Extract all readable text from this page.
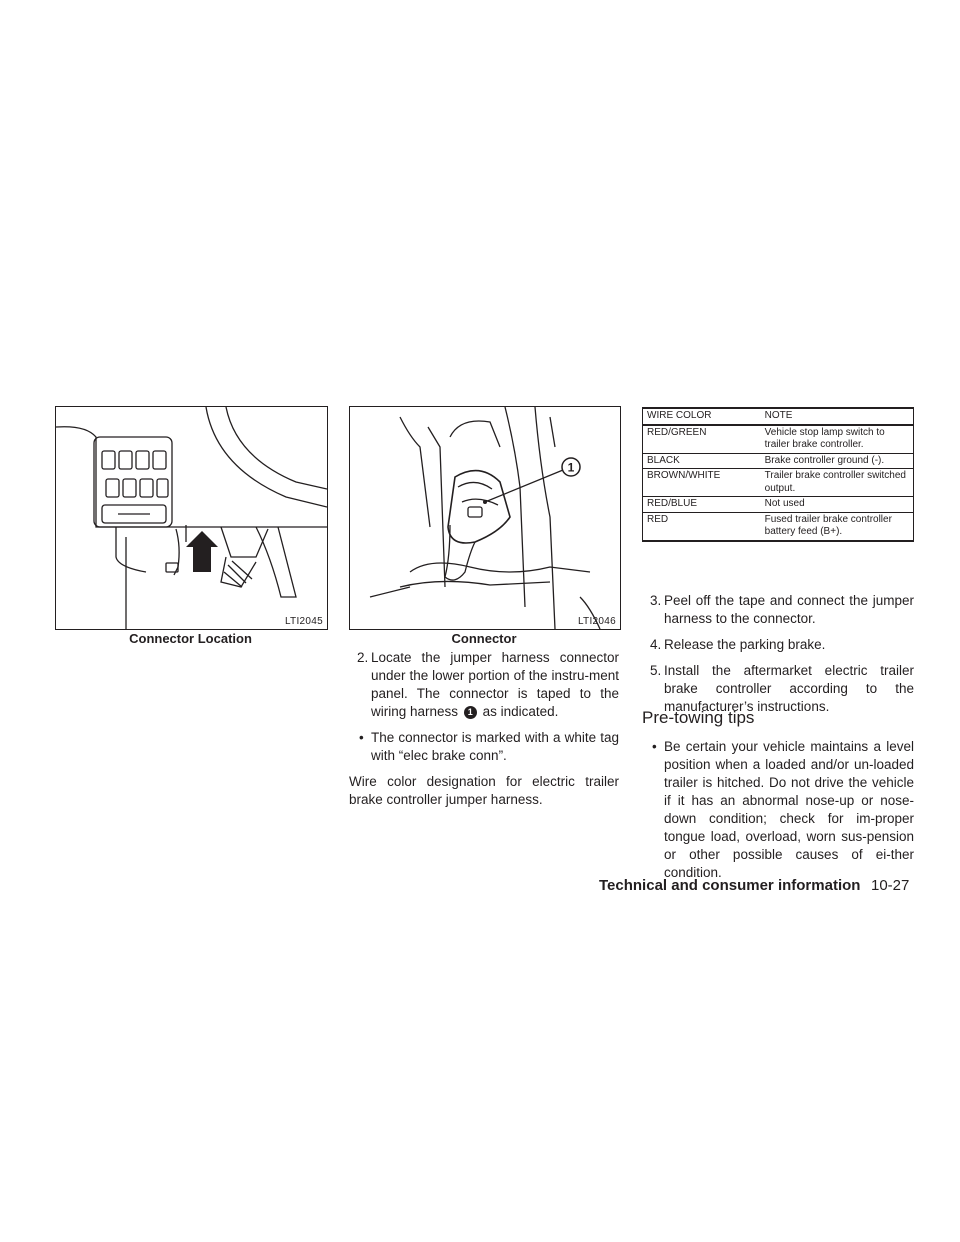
LTI2045
Connector Location
1
LTI2046
Connector
2. Locate the jumper harness connector under the lower portion of the instru-ment panel. The connector is taped to the wiring harness 1 as indicated.
• The connector is marked with a white tag with “elec brake conn”.

Wire color designation for electric trailer brake controller jumper harness.

WIRE COLOR	NOTE
RED/GREEN	Vehicle stop lamp switch to trailer brake controller.
BLACK	Brake controller ground (-).
BROWN/WHITE	Trailer brake controller switched output.
RED/BLUE	Not used
RED	Fused trailer brake controller battery feed (B+).
3. Peel off the tape and connect the jumper harness to the connector.
4. Release the parking brake.
5. Install the aftermarket electric trailer brake controller according to the manufacturer’s instructions.
Pre-towing tips
• Be certain your vehicle maintains a level position when a loaded and/or un-loaded trailer is hitched. Do not drive the vehicle if it has an abnormal nose-up or nose-down condition; check for im-proper tongue load, overload, worn sus-pension or other possible causes of ei-ther condition.
Technical and consumer information 10-27
